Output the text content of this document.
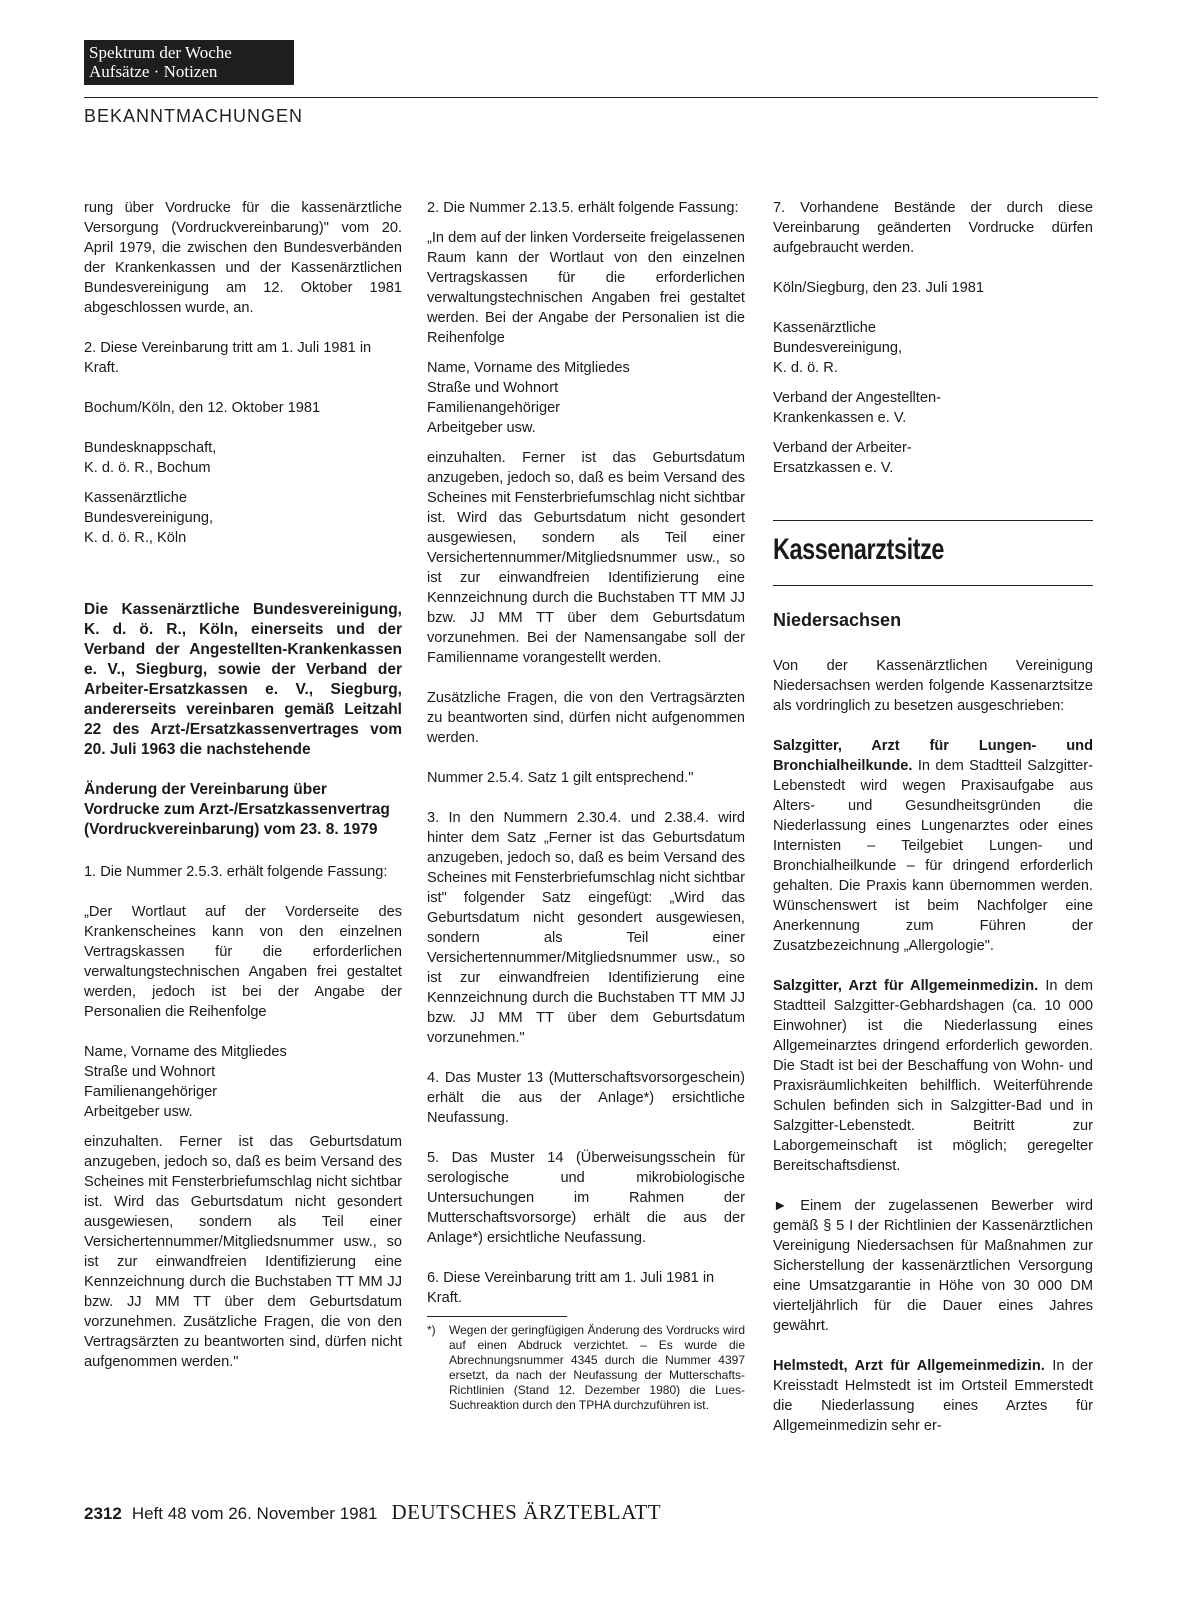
Spektrum der Woche
Aufsätze · Notizen
BEKANNTMACHUNGEN

rung über Vordrucke für die kassenärztliche Versorgung (Vordruckvereinbarung)" vom 20. April 1979, die zwischen den Bundesverbänden der Krankenkassen und der Kassenärztlichen Bundesvereinigung am 12. Oktober 1981 abgeschlossen wurde, an.

2. Diese Vereinbarung tritt am 1. Juli 1981 in Kraft.

Bochum/Köln, den 12. Oktober 1981

Bundesknappschaft,
K. d. ö. R., Bochum
Kassenärztliche
Bundesvereinigung,
K. d. ö. R., Köln
Die Kassenärztliche Bundesvereinigung, K. d. ö. R., Köln, einerseits und der Verband der Angestellten-Krankenkassen e. V., Siegburg, sowie der Verband der Arbeiter-Ersatzkassen e. V., Siegburg, andererseits vereinbaren gemäß Leitzahl 22 des Arzt-/Ersatzkassenvertrages vom 20. Juli 1963 die nachstehende
Änderung der Vereinbarung über Vordrucke zum Arzt-/Ersatzkassenvertrag (Vordruckvereinbarung) vom 23. 8. 1979

1. Die Nummer 2.5.3. erhält folgende Fassung:

„Der Wortlaut auf der Vorderseite des Krankenscheines kann von den einzelnen Vertragskassen für die erforderlichen verwaltungstechnischen Angaben frei gestaltet werden, jedoch ist bei der Angabe der Personalien die Reihenfolge

Name, Vorname des Mitgliedes
Straße und Wohnort
Familienangehöriger
Arbeitgeber usw.

einzuhalten. Ferner ist das Geburtsdatum anzugeben, jedoch so, daß es beim Versand des Scheines mit Fensterbriefumschlag nicht sichtbar ist. Wird das Geburtsdatum nicht gesondert ausgewiesen, sondern als Teil einer Versichertennummer/Mitgliedsnummer usw., so ist zur einwandfreien Identifizierung eine Kennzeichnung durch die Buchstaben TT MM JJ bzw. JJ MM TT über dem Geburtsdatum vorzunehmen. Zusätzliche Fragen, die von den Vertragsärzten zu beantworten sind, dürfen nicht aufgenommen werden."

2. Die Nummer 2.13.5. erhält folgende Fassung:

„In dem auf der linken Vorderseite freigelassenen Raum kann der Wortlaut von den einzelnen Vertragskassen für die erforderlichen verwaltungstechnischen Angaben frei gestaltet werden. Bei der Angabe der Personalien ist die Reihenfolge

Name, Vorname des Mitgliedes
Straße und Wohnort
Familienangehöriger
Arbeitgeber usw.

einzuhalten. Ferner ist das Geburtsdatum anzugeben, jedoch so, daß es beim Versand des Scheines mit Fensterbriefumschlag nicht sichtbar ist. Wird das Geburtsdatum nicht gesondert ausgewiesen, sondern als Teil einer Versichertennummer/Mitgliedsnummer usw., so ist zur einwandfreien Identifizierung eine Kennzeichnung durch die Buchstaben TT MM JJ bzw. JJ MM TT über dem Geburtsdatum vorzunehmen. Bei der Namensangabe soll der Familienname vorangestellt werden.

Zusätzliche Fragen, die von den Vertragsärzten zu beantworten sind, dürfen nicht aufgenommen werden.

Nummer 2.5.4. Satz 1 gilt entsprechend."

3. In den Nummern 2.30.4. und 2.38.4. wird hinter dem Satz „Ferner ist das Geburtsdatum anzugeben, jedoch so, daß es beim Versand des Scheines mit Fensterbriefumschlag nicht sichtbar ist" folgender Satz eingefügt: „Wird das Geburtsdatum nicht gesondert ausgewiesen, sondern als Teil einer Versichertennummer/Mitgliedsnummer usw., so ist zur einwandfreien Identifizierung eine Kennzeichnung durch die Buchstaben TT MM JJ bzw. JJ MM TT über dem Geburtsdatum vorzunehmen."

4. Das Muster 13 (Mutterschaftsvorsorgeschein) erhält die aus der Anlage*) ersichtliche Neufassung.

5. Das Muster 14 (Überweisungsschein für serologische und mikrobiologische Untersuchungen im Rahmen der Mutterschaftsvorsorge) erhält die aus der Anlage*) ersichtliche Neufassung.

6. Diese Vereinbarung tritt am 1. Juli 1981 in Kraft.

*)	Wegen der geringfügigen Änderung des Vordrucks wird auf einen Abdruck verzichtet. – Es wurde die Abrechnungsnummer 4345 durch die Nummer 4397 ersetzt, da nach der Neufassung der Mutterschafts-Richtlinien (Stand 12. Dezember 1980) die Lues-Suchreaktion durch den TPHA durchzuführen ist.

7. Vorhandene Bestände der durch diese Vereinbarung geänderten Vordrucke dürfen aufgebraucht werden.

Köln/Siegburg, den 23. Juli 1981

Kassenärztliche
Bundesvereinigung,
K. d. ö. R.
Verband der Angestellten-
Krankenkassen e. V.
Verband der Arbeiter-
Ersatzkassen e. V.
Kassenarztsitze
Niedersachsen

Von der Kassenärztlichen Vereinigung Niedersachsen werden folgende Kassenarztsitze als vordringlich zu besetzen ausgeschrieben:

Salzgitter, Arzt für Lungen- und Bronchialheilkunde. In dem Stadtteil Salzgitter-Lebenstedt wird wegen Praxisaufgabe aus Alters- und Gesundheitsgründen die Niederlassung eines Lungenarztes oder eines Internisten – Teilgebiet Lungen- und Bronchialheilkunde – für dringend erforderlich gehalten. Die Praxis kann übernommen werden. Wünschenswert ist beim Nachfolger eine Anerkennung zum Führen der Zusatzbezeichnung „Allergologie".

Salzgitter, Arzt für Allgemeinmedizin. In dem Stadtteil Salzgitter-Gebhardshagen (ca. 10 000 Einwohner) ist die Niederlassung eines Allgemeinarztes dringend erforderlich geworden. Die Stadt ist bei der Beschaffung von Wohn- und Praxisräumlichkeiten behilflich. Weiterführende Schulen befinden sich in Salzgitter-Bad und in Salzgitter-Lebenstedt. Beitritt zur Laborgemeinschaft ist möglich; geregelter Bereitschaftsdienst.

► Einem der zugelassenen Bewerber wird gemäß § 5 I der Richtlinien der Kassenärztlichen Vereinigung Niedersachsen für Maßnahmen zur Sicherstellung der kassenärztlichen Versorgung eine Umsatzgarantie in Höhe von 30 000 DM vierteljährlich für die Dauer eines Jahres gewährt.

Helmstedt, Arzt für Allgemeinmedizin. In der Kreisstadt Helmstedt ist im Ortsteil Emmerstedt die Niederlassung eines Arztes für Allgemeinmedizin sehr er-

2312 Heft 48 vom 26. November 1981 DEUTSCHES ÄRZTEBLATT
